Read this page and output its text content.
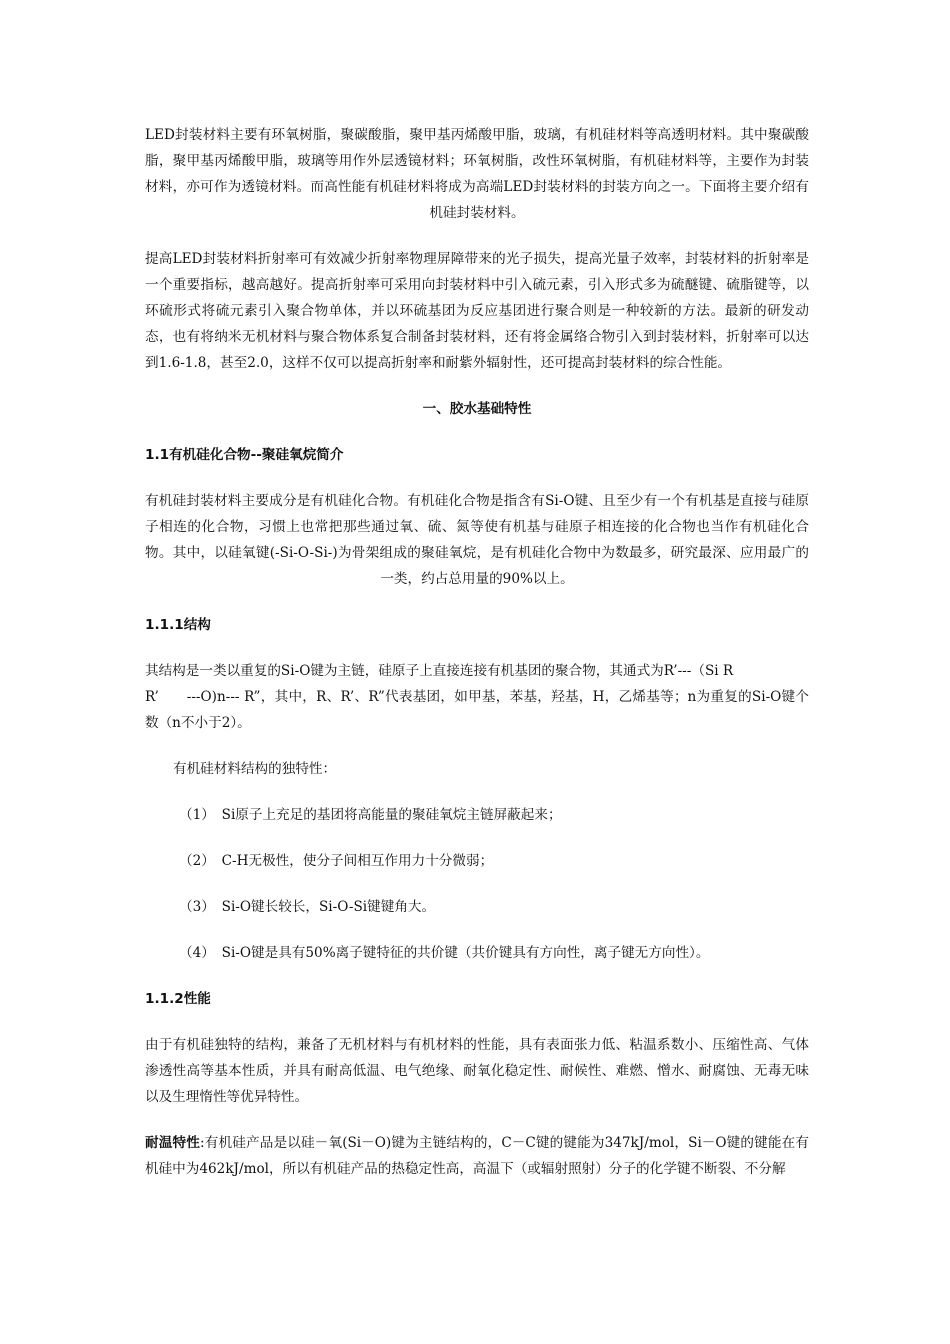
LED封装材料主要有环氧树脂，聚碳酸脂，聚甲基丙烯酸甲脂，玻璃，有机硅材料等高透明材料。其中聚碳酸脂，聚甲基丙烯酸甲脂，玻璃等用作外层透镜材料；环氧树脂，改性环氧树脂，有机硅材料等，主要作为封装材料，亦可作为透镜材料。而高性能有机硅材料将成为高端LED封装材料的封装方向之一。下面将主要介绍有机硅封装材料。

提高LED封装材料折射率可有效减少折射率物理屏障带来的光子损失，提高光量子效率，封装材料的折射率是一个重要指标，越高越好。提高折射率可采用向封装材料中引入硫元素，引入形式多为硫醚键、硫脂键等，以环硫形式将硫元素引入聚合物单体，并以环硫基团为反应基团进行聚合则是一种较新的方法。最新的研发动态，也有将纳米无机材料与聚合物体系复合制备封装材料，还有将金属络合物引入到封装材料，折射率可以达到1.6-1.8，甚至2.0，这样不仅可以提高折射率和耐紫外辐射性，还可提高封装材料的综合性能。

一、胶水基础特性

1.1有机硅化合物--聚硅氧烷简介

有机硅封装材料主要成分是有机硅化合物。有机硅化合物是指含有Si-O键、且至少有一个有机基是直接与硅原子相连的化合物，习惯上也常把那些通过氧、硫、氮等使有机基与硅原子相连接的化合物也当作有机硅化合物。其中，以硅氧键(-Si-O-Si-)为骨架组成的聚硅氧烷，是有机硅化合物中为数最多，研究最深、应用最广的一类，约占总用量的90%以上。

1.1.1结构

其结构是一类以重复的Si-O键为主链，硅原子上直接连接有机基团的聚合物，其通式为R’---（Si R

R’　　---O)n--- R”，其中，R、R’、R”代表基团，如甲基，苯基，羟基，H，乙烯基等；n为重复的Si-O键个数（n不小于2）。

有机硅材料结构的独特性：

（1）　Si原子上充足的基团将高能量的聚硅氧烷主链屏蔽起来；

（2）　C-H无极性，使分子间相互作用力十分微弱；

（3）　Si-O键长较长，Si-O-Si键键角大。

（4）　Si-O键是具有50%离子键特征的共价键（共价键具有方向性，离子键无方向性）。

1.1.2性能

由于有机硅独特的结构，兼备了无机材料与有机材料的性能，具有表面张力低、粘温系数小、压缩性高、气体渗透性高等基本性质，并具有耐高低温、电气绝缘、耐氧化稳定性、耐候性、难燃、憎水、耐腐蚀、无毒无味以及生理惰性等优异特性。

耐温特性:有机硅产品是以硅－氧(Si－O)键为主链结构的，C－C键的键能为347kJ/mol，Si－O键的键能在有机硅中为462kJ/mol，所以有机硅产品的热稳定性高，高温下（或辐射照射）分子的化学键不断裂、不分解
